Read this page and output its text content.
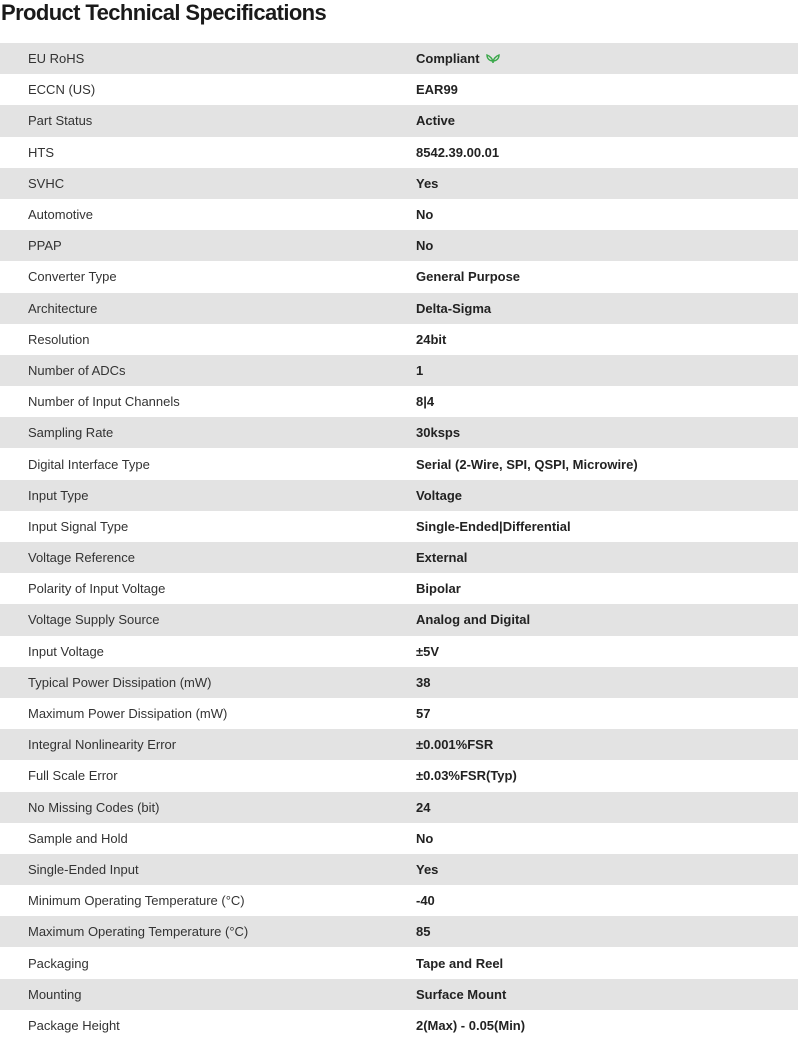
Product Technical Specifications
EU RoHS	Compliant
ECCN (US)	EAR99
Part Status	Active
HTS	8542.39.00.01
SVHC	Yes
Automotive	No
PPAP	No
Converter Type	General Purpose
Architecture	Delta-Sigma
Resolution	24bit
Number of ADCs	1
Number of Input Channels	8|4
Sampling Rate	30ksps
Digital Interface Type	Serial (2-Wire, SPI, QSPI, Microwire)
Input Type	Voltage
Input Signal Type	Single-Ended|Differential
Voltage Reference	External
Polarity of Input Voltage	Bipolar
Voltage Supply Source	Analog and Digital
Input Voltage	±5V
Typical Power Dissipation (mW)	38
Maximum Power Dissipation (mW)	57
Integral Nonlinearity Error	±0.001%FSR
Full Scale Error	±0.03%FSR(Typ)
No Missing Codes (bit)	24
Sample and Hold	No
Single-Ended Input	Yes
Minimum Operating Temperature (°C)	-40
Maximum Operating Temperature (°C)	85
Packaging	Tape and Reel
Mounting	Surface Mount
Package Height	2(Max) - 0.05(Min)
